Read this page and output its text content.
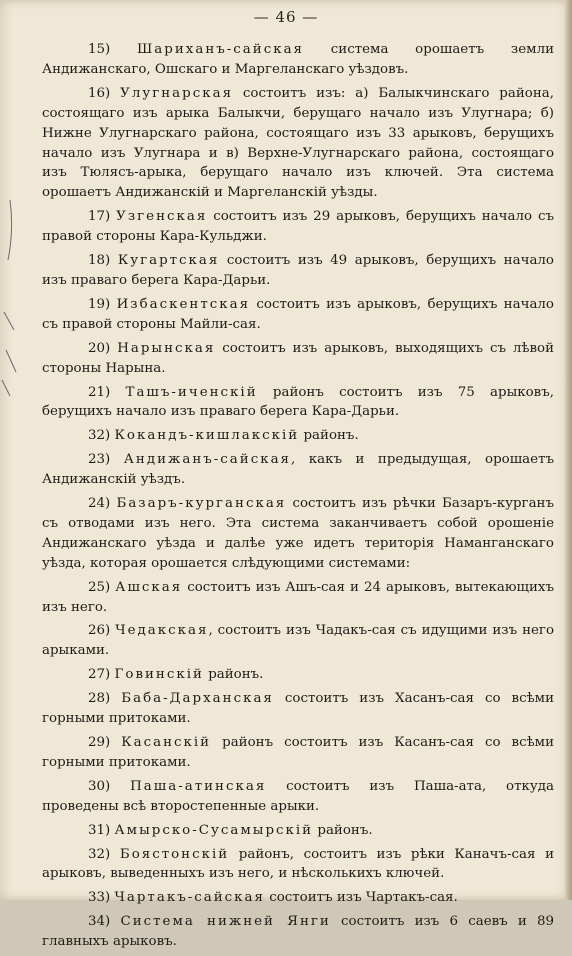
— 46 —

15) Шариханъ-сайская система орошаетъ земли Андижанскаго, Ошскаго и Маргеланскаго уѣздовъ.

16) Улугнарская состоитъ изъ: а) Балыкчинскаго района, состоящаго изъ арыка Балыкчи, берущаго начало изъ Улугнара; б) Нижне Улугнарскаго района, состоящаго изъ 33 арыковъ, берущихъ начало изъ Улугнара и в) Верхне-Улугнарскаго района, состоящаго изъ Тюлясъ-арыка, берущаго начало изъ ключей. Эта система орошаетъ Андижанскій и Маргеланскій уѣзды.

17) Узгенская состоитъ изъ 29 арыковъ, берущихъ начало съ правой стороны Кара-Кульджи.

18) Кугартская состоитъ изъ 49 арыковъ, берущихъ начало изъ праваго берега Кара-Дарьи.

19) Избаскентская состоитъ изъ арыковъ, берущихъ начало съ правой стороны Майли-сая.

20) Нарынская состоитъ изъ арыковъ, выходящихъ съ лѣвой стороны Нарына.

21) Ташъ-иченскій районъ состоитъ изъ 75 арыковъ, берущихъ начало изъ праваго берега Кара-Дарьи.

32) Кокандъ-кишлакскій районъ.

23) Андижанъ-сайская, какъ и предыдущая, орошаетъ Андижанскій уѣздъ.

24) Базаръ-курганская состоитъ изъ рѣчки Базаръ-курганъ съ отводами изъ него. Эта система заканчиваетъ собой орошеніе Андижанскаго уѣзда и далѣе уже идетъ територія Наманганскаго уѣзда, которая орошается слѣдующими системами:

25) Ашская состоитъ изъ Ашъ-сая и 24 арыковъ, вытекающихъ изъ него.

26) Чедакская, состоитъ изъ Чадакъ-сая съ идущими изъ него арыками.

27) Говинскій районъ.

28) Баба-Дарханская состоитъ изъ Хасанъ-сая со всѣми горными притоками.

29) Касанскій районъ состоитъ изъ Касанъ-сая со всѣми горными притоками.

30) Паша-атинская состоитъ изъ Паша-ата, откуда проведены всѣ второстепенные арыки.

31) Амырско-Сусамырскій районъ.

32) Боястонскій районъ, состоитъ изъ рѣки Каначъ-сая и арыковъ, выведенныхъ изъ него, и нѣсколькихъ ключей.

33) Чартакъ-сайская состоитъ изъ Чартакъ-сая.

34) Система нижней Янги состоитъ изъ 6 саевъ и 89 главныхъ арыковъ.
